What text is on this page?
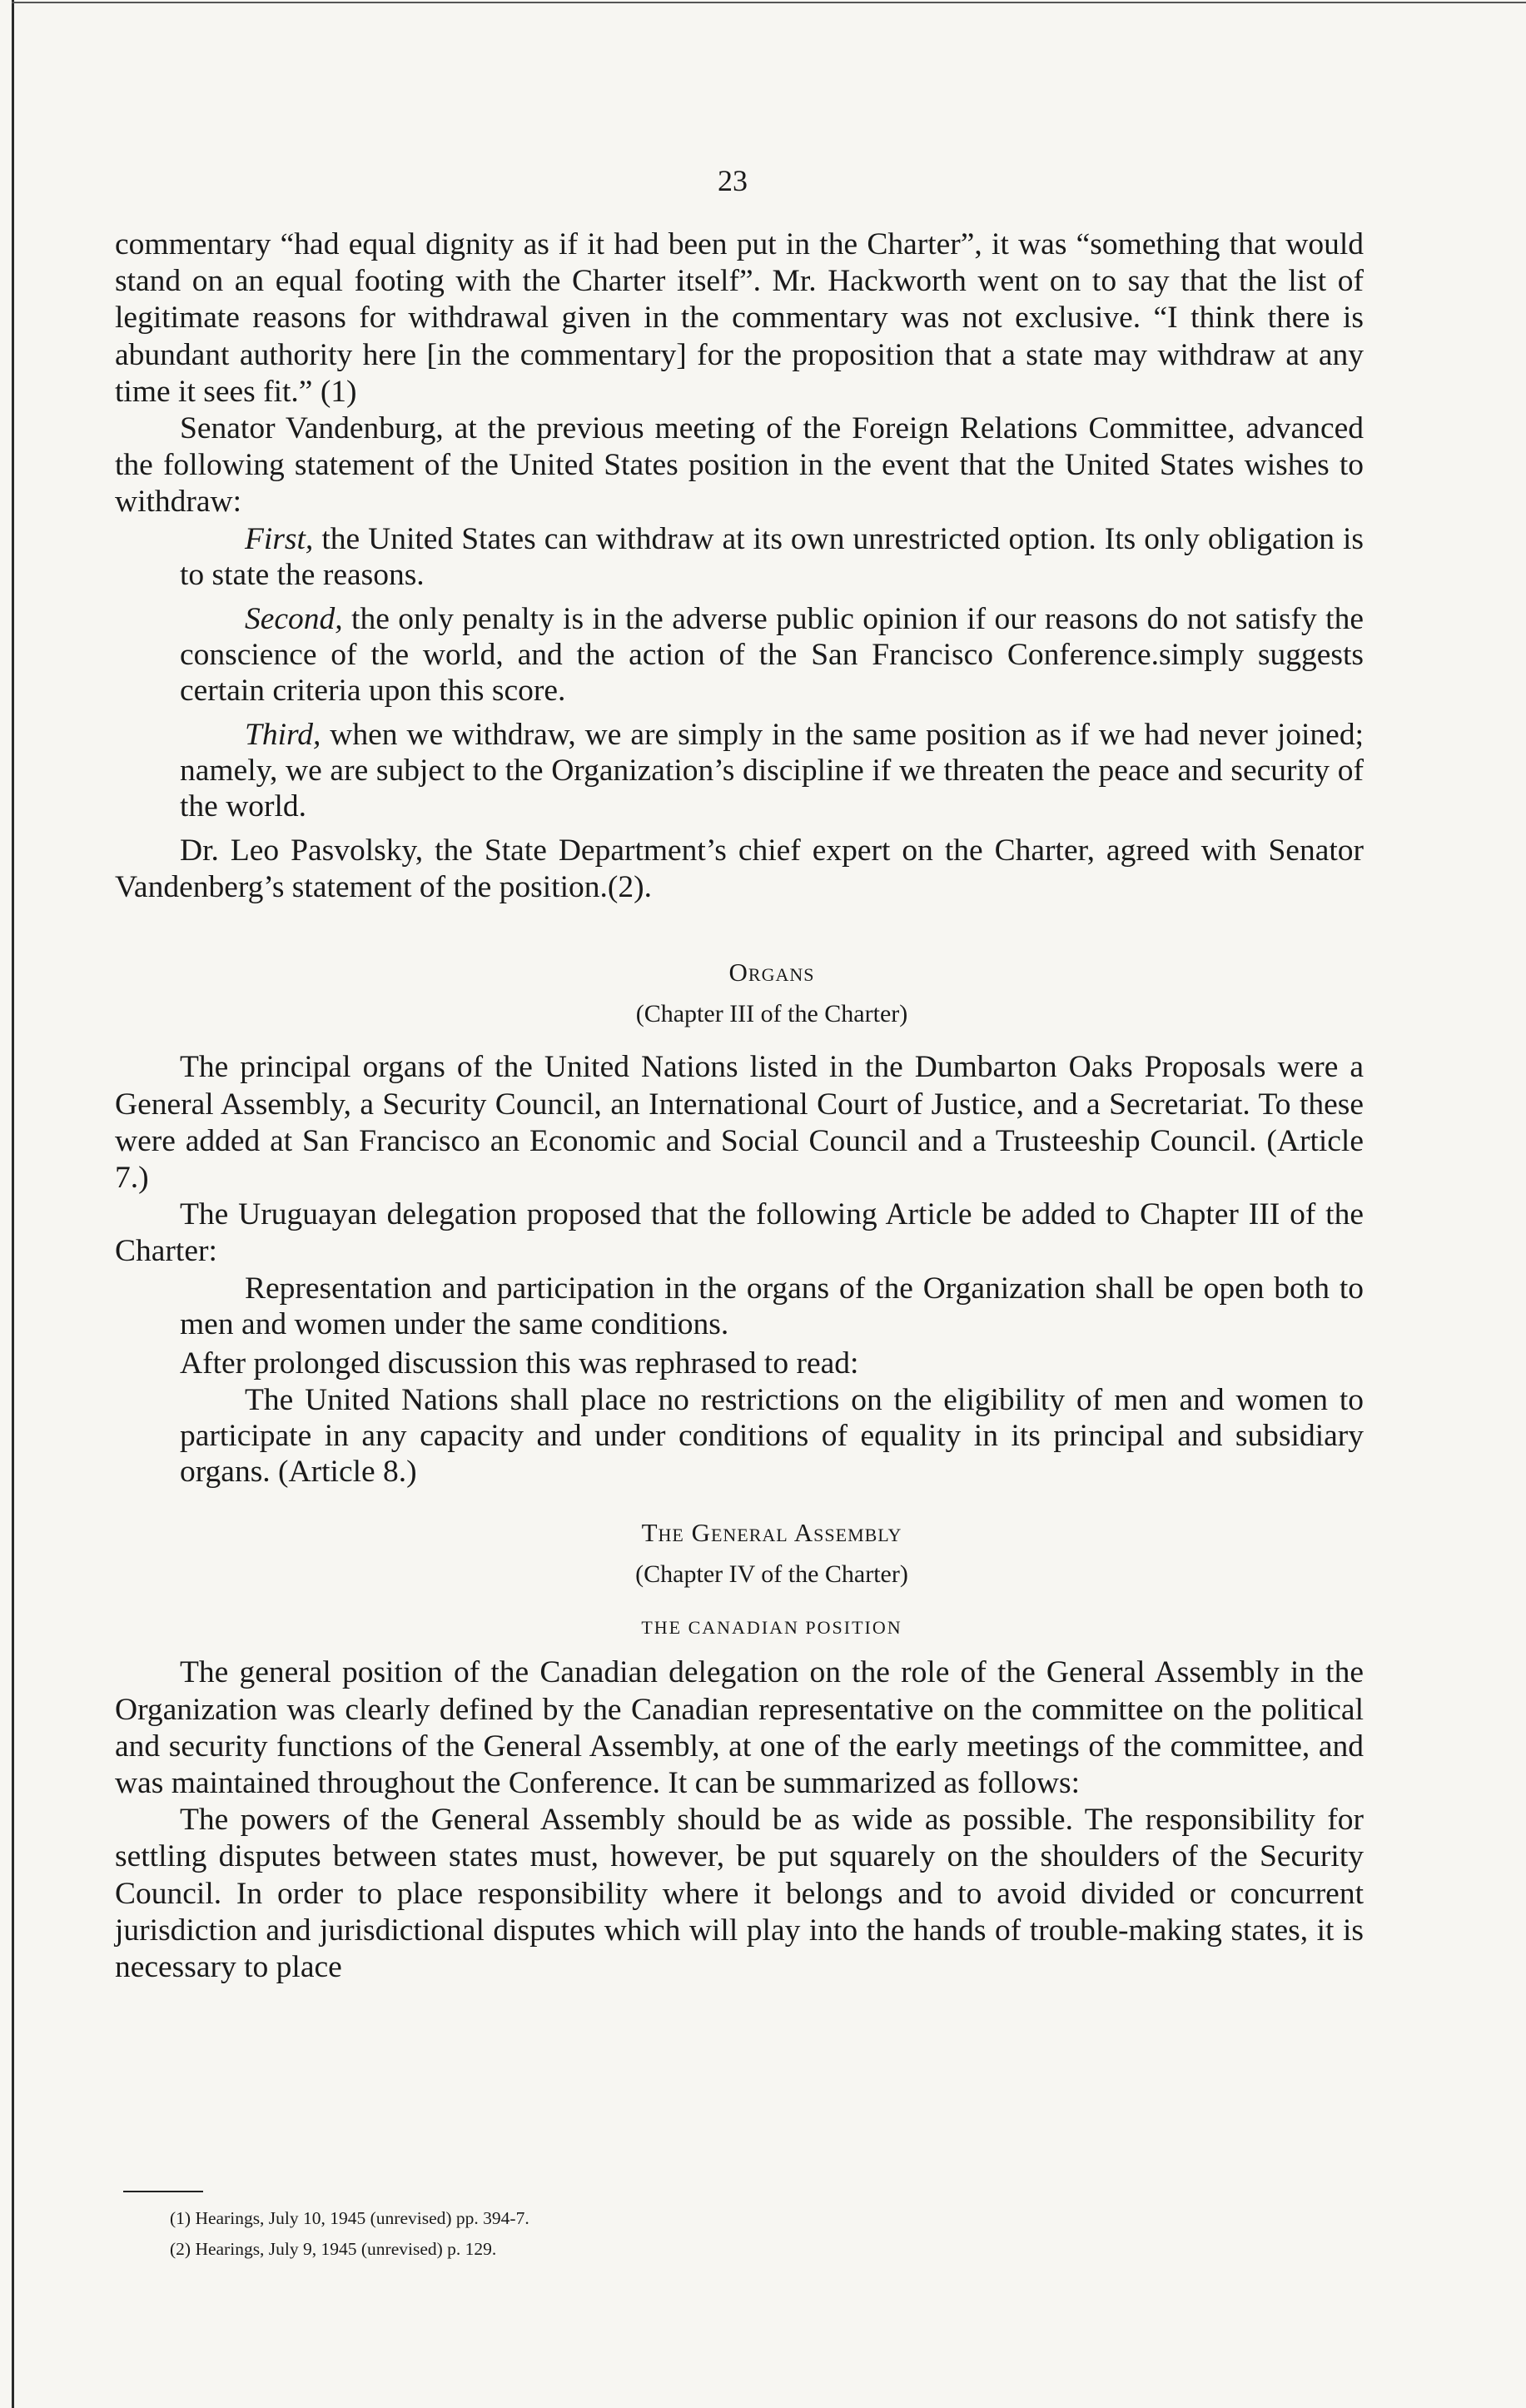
23

commentary “had equal dignity as if it had been put in the Charter”, it was “something that would stand on an equal footing with the Charter itself”. Mr. Hackworth went on to say that the list of legitimate reasons for withdrawal given in the commentary was not exclusive. “I think there is abundant authority here [in the commentary] for the proposition that a state may withdraw at any time it sees fit.” (1)

Senator Vandenburg, at the previous meeting of the Foreign Relations Committee, advanced the following statement of the United States position in the event that the United States wishes to withdraw:

First, the United States can withdraw at its own unrestricted option. Its only obligation is to state the reasons.

Second, the only penalty is in the adverse public opinion if our reasons do not satisfy the conscience of the world, and the action of the San Francisco Conference.simply suggests certain criteria upon this score.

Third, when we withdraw, we are simply in the same position as if we had never joined; namely, we are subject to the Organization’s discipline if we threaten the peace and security of the world.

Dr. Leo Pasvolsky, the State Department’s chief expert on the Charter, agreed with Senator Vandenberg’s statement of the position.(2).

Organs

(Chapter III of the Charter)

The principal organs of the United Nations listed in the Dumbarton Oaks Proposals were a General Assembly, a Security Council, an International Court of Justice, and a Secretariat. To these were added at San Francisco an Economic and Social Council and a Trusteeship Council. (Article 7.)

The Uruguayan delegation proposed that the following Article be added to Chapter III of the Charter:

Representation and participation in the organs of the Organization shall be open both to men and women under the same conditions.

After prolonged discussion this was rephrased to read:

The United Nations shall place no restrictions on the eligibility of men and women to participate in any capacity and under conditions of equality in its principal and subsidiary organs. (Article 8.)

The General Assembly

(Chapter IV of the Charter)

THE CANADIAN POSITION

The general position of the Canadian delegation on the role of the General Assembly in the Organization was clearly defined by the Canadian representative on the committee on the political and security functions of the General Assembly, at one of the early meetings of the committee, and was maintained throughout the Conference. It can be summarized as follows:

The powers of the General Assembly should be as wide as possible. The responsibility for settling disputes between states must, however, be put squarely on the shoulders of the Security Council. In order to place responsibility where it belongs and to avoid divided or concurrent jurisdiction and jurisdictional disputes which will play into the hands of trouble-making states, it is necessary to place

(1) Hearings, July 10, 1945 (unrevised) pp. 394-7.
(2) Hearings, July 9, 1945 (unrevised) p. 129.
